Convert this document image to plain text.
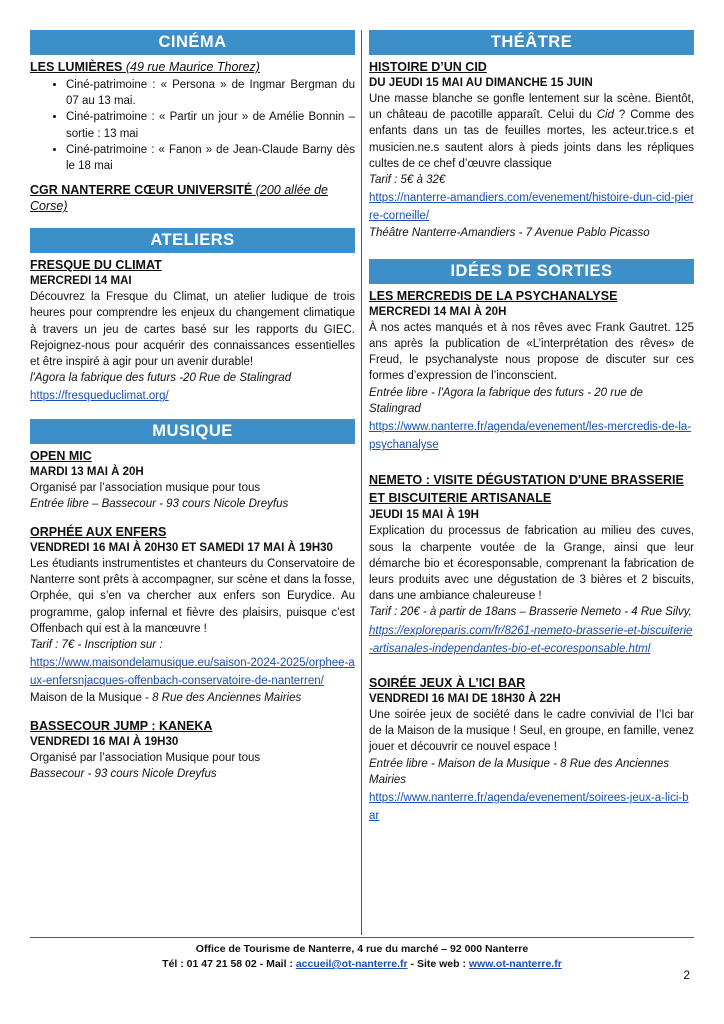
CINÉMA
LES LUMIÈRES (49 rue Maurice Thorez)
• Ciné-patrimoine : « Persona » de Ingmar Bergman du 07 au 13 mai.
• Ciné-patrimoine : « Partir un jour » de Amélie Bonnin – sortie : 13 mai
• Ciné-patrimoine : « Fanon » de Jean-Claude Barny dès le 18 mai
CGR NANTERRE CŒUR UNIVERSITÉ (200 allée de Corse)
ATELIERS
FRESQUE DU CLIMAT
MERCREDI 14 MAI

Découvrez la Fresque du Climat, un atelier ludique de trois heures pour comprendre les enjeux du changement climatique à travers un jeu de cartes basé sur les rapports du GIEC. Rejoignez-nous pour acquérir des connaissances essentielles et être inspiré à agir pour un avenir durable!

l'Agora la fabrique des futurs -20 Rue de Stalingrad

https://fresqueduclimat.org/
MUSIQUE
OPEN MIC
MARDI 13 MAI À 20H

Organisé par l’association musique pour tous

Entrée libre – Bassecour - 93 cours Nicole Dreyfus

ORPHÉE AUX ENFERS
VENDREDI 16 MAI À 20H30 ET SAMEDI 17 MAI À 19H30

Les étudiants instrumentistes et chanteurs du Conservatoire de Nanterre sont prêts à accompagner, sur scène et dans la fosse, Orphée, qui s’en va chercher aux enfers son Eurydice. Au programme, galop infernal et fièvre des plaisirs, puisque c’est Offenbach qui est à la manœuvre !

Tarif : 7€ - Inscription sur :

https://www.maisondelamusique.eu/saison-2024-2025/orphee-aux-enfersnjacques-offenbach-conservatoire-de-nanterren/

Maison de la Musique - 8 Rue des Anciennes Mairies

BASSECOUR JUMP : KANEKA
VENDREDI 16 MAI À 19H30

Organisé par l’association Musique pour tous

Bassecour - 93 cours Nicole Dreyfus

THÉÂTRE
HISTOIRE D’UN CID
DU JEUDI 15 MAI AU DIMANCHE 15 JUIN

Une masse blanche se gonfle lentement sur la scène. Bientôt, un château de pacotille apparaît. Celui du Cid ? Comme des enfants dans un tas de feuilles mortes, les acteur.trice.s et musicien.ne.s sautent alors à pieds joints dans les répliques cultes de ce chef d’œuvre classique

Tarif : 5€ à 32€

https://nanterre-amandiers.com/evenement/histoire-dun-cid-pierre-corneille/

Théâtre Nanterre-Amandiers - 7 Avenue Pablo Picasso

IDÉES DE SORTIES
LES MERCREDIS DE LA PSYCHANALYSE
MERCREDI 14 MAI À 20H

À nos actes manqués et à nos rêves avec Frank Gautret. 125 ans après la publication de «L’interprétation des rêves» de Freud, le psychanalyste nous propose de discuter sur ces formes d’expression de l’inconscient.

Entrée libre - l'Agora la fabrique des futurs - 20 rue de Stalingrad

https://www.nanterre.fr/agenda/evenement/les-mercredis-de-la-psychanalyse
NEMETO : VISITE DÉGUSTATION D'UNE BRASSERIE ET BISCUITERIE ARTISANALE
JEUDI 15 MAI À 19H

Explication du processus de fabrication au milieu des cuves, sous la charpente voutée de la Grange, ainsi que leur démarche bio et écoresponsable, comprenant la fabrication de leurs produits avec une dégustation de 3 bières et 2 biscuits, dans une ambiance chaleureuse !

Tarif : 20€ - à partir de 18ans – Brasserie Nemeto - 4 Rue Silvy,

https://exploreparis.com/fr/8261-nemeto-brasserie-et-biscuiterie-artisanales-independantes-bio-et-ecoresponsable.html
SOIRÉE JEUX À L’ICI BAR
VENDREDI 16 MAI DE 18H30 À 22H

Une soirée jeux de société dans le cadre convivial de l’Ici bar de la Maison de la musique ! Seul, en groupe, en famille, venez jouer et découvrir ce nouvel espace !

Entrée libre - Maison de la Musique - 8 Rue des Anciennes Mairies

https://www.nanterre.fr/agenda/evenement/soirees-jeux-a-lici-bar
Office de Tourisme de Nanterre, 4 rue du marché – 92 000 Nanterre
Tél : 01 47 21 58 02 - Mail : accueil@ot-nanterre.fr - Site web : www.ot-nanterre.fr
2
